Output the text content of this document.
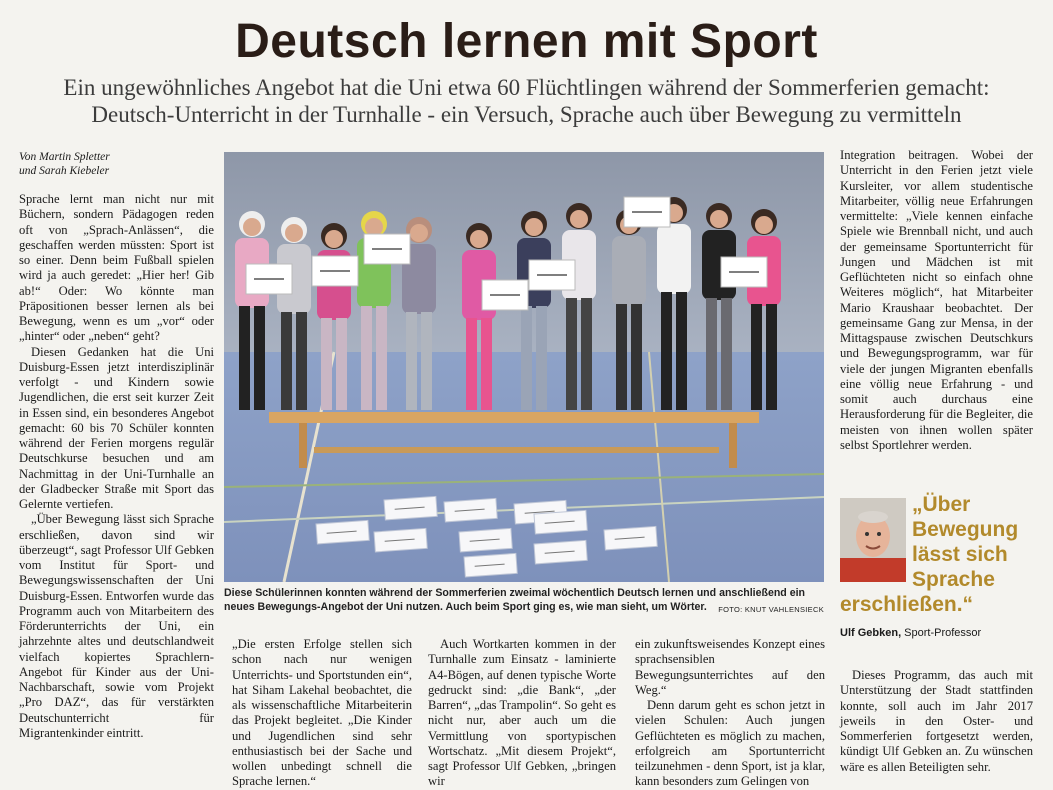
Deutsch lernen mit Sport
Ein ungewöhnliches Angebot hat die Uni etwa 60 Flüchtlingen während der Sommerferien gemacht:
Deutsch-Unterricht in der Turnhalle - ein Versuch, Sprache auch über Bewegung zu vermitteln

Von Martin Spletter
und Sarah Kiebeler

Sprache lernt man nicht nur mit Büchern, sondern Pädagogen reden oft von „Sprach-Anlässen“, die geschaffen werden müssten: Sport ist so einer. Denn beim Fußball spielen wird ja auch geredet: „Hier her! Gib ab!“ Oder: Wo könnte man Präpositionen besser lernen als bei Bewegung, wenn es um „vor“ oder „hinter“ oder „neben“ geht?

Diesen Gedanken hat die Uni Duisburg-Essen jetzt interdisziplinär verfolgt - und Kindern sowie Jugendlichen, die erst seit kurzer Zeit in Essen sind, ein besonderes Angebot gemacht: 60 bis 70 Schüler konnten während der Ferien morgens regulär Deutschkurse besuchen und am Nachmittag in der Uni-Turnhalle an der Gladbecker Straße mit Sport das Gelernte vertiefen.

„Über Bewegung lässt sich Sprache erschließen, davon sind wir überzeugt“, sagt Professor Ulf Gebken vom Institut für Sport- und Bewegungswissenschaften der Uni Duisburg-Essen. Entworfen wurde das Programm auch von Mitarbeitern des Förderunterrichts der Uni, ein jahrzehnte altes und deutschlandweit vielfach kopiertes Sprachlern-Angebot für Kinder aus der Uni-Nachbarschaft, sowie vom Projekt „Pro DAZ“, das für verstärkten Deutschunterricht für Migrantenkinder eintritt.

Diese Schülerinnen konnten während der Sommerferien zweimal wöchentlich Deutsch lernen und anschließend ein neues Bewegungs-Angebot der Uni nutzen. Auch beim Sport ging es, wie man sieht, um Wörter. FOTO: KNUT VAHLENSIECK

Integration beitragen. Wobei der Unterricht in den Ferien jetzt viele Kursleiter, vor allem studentische Mitarbeiter, völlig neue Erfahrungen vermittelte: „Viele kennen einfache Spiele wie Brennball nicht, und auch der gemeinsame Sportunterricht für Jungen und Mädchen ist mit Geflüchteten nicht so einfach ohne Weiteres möglich“, hat Mitarbeiter Mario Kraushaar beobachtet. Der gemeinsame Gang zur Mensa, in der Mittagspause zwischen Deutschkurs und Bewegungsprogramm, war für viele der jungen Migranten ebenfalls eine völlig neue Erfahrung - und somit auch durchaus eine Herausforderung für die Begleiter, die meisten von ihnen wollen später selbst Sportlehrer werden.

„Über Bewegung lässt sich Sprache
erschließen.“
Ulf Gebken, Sport-Professor

„Die ersten Erfolge stellen sich schon nach nur wenigen Unterrichts- und Sportstunden ein“, hat Siham Lakehal beobachtet, die als wissenschaftliche Mitarbeiterin das Projekt begleitet. „Die Kinder und Jugendlichen sind sehr enthusiastisch bei der Sache und wollen unbedingt schnell die Sprache lernen.“

Auch Wortkarten kommen in der Turnhalle zum Einsatz - laminierte A4-Bögen, auf denen typische Worte gedruckt sind: „die Bank“, „der Barren“, „das Trampolin“. So geht es nicht nur, aber auch um die Vermittlung von sportypischen Wortschatz. „Mit diesem Projekt“, sagt Professor Ulf Gebken, „bringen wir

ein zukunftsweisendes Konzept eines sprachsensiblen Bewegungsunterrichtes auf den Weg.“

Denn darum geht es schon jetzt in vielen Schulen: Auch jungen Geflüchteten es möglich zu machen, erfolgreich am Sportunterricht teilzunehmen - denn Sport, ist ja klar, kann besonders zum Gelingen von

Dieses Programm, das auch mit Unterstützung der Stadt stattfinden konnte, soll auch im Jahr 2017 jeweils in den Oster- und Sommerferien fortgesetzt werden, kündigt Ulf Gebken an. Zu wünschen wäre es allen Beteiligten sehr.
